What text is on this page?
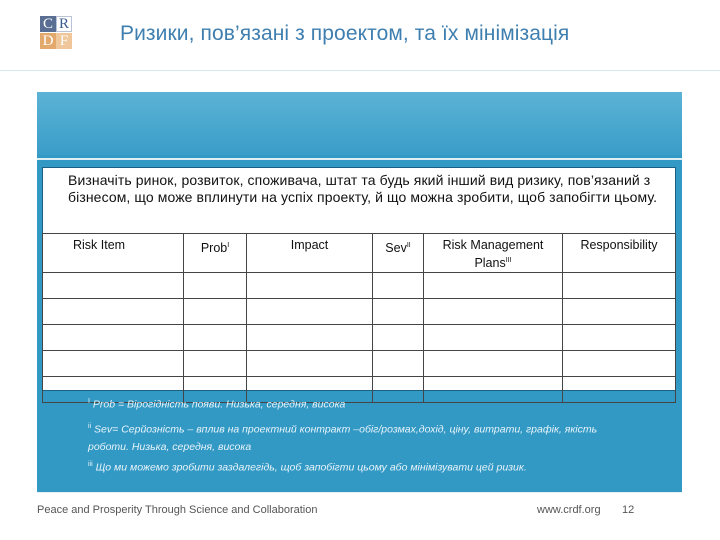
C R
D F Ризики, пов’язані з проектом, та їх мінімізація
Визначіть ринок, розвиток, споживача, штат та будь який інший вид ризику, пов’язаний з бізнесом, що може вплинути на успіх проекту, й що можна зробити, щоб запобігти цьому.
Risk Item	Prob$^I$	Impact	Sev$^{II}$	Risk Management Plans$^{III}$	Responsibility

$^I$ Prob = Вірогідність появи. Низька, середня, висока
$^{ii}$ Sev= Серйозність – вплив на проектний контракт –обіг/розмах,дохід, ціну, витрати, графік, якість роботи. Низька, середня, висока
$^{iii}$ Що ми можемо зробити заздалегідь, щоб запобігти цьому або мінімізувати цей ризик.
Peace and Prosperity Through Science and Collaboration	www.crdf.org 12
